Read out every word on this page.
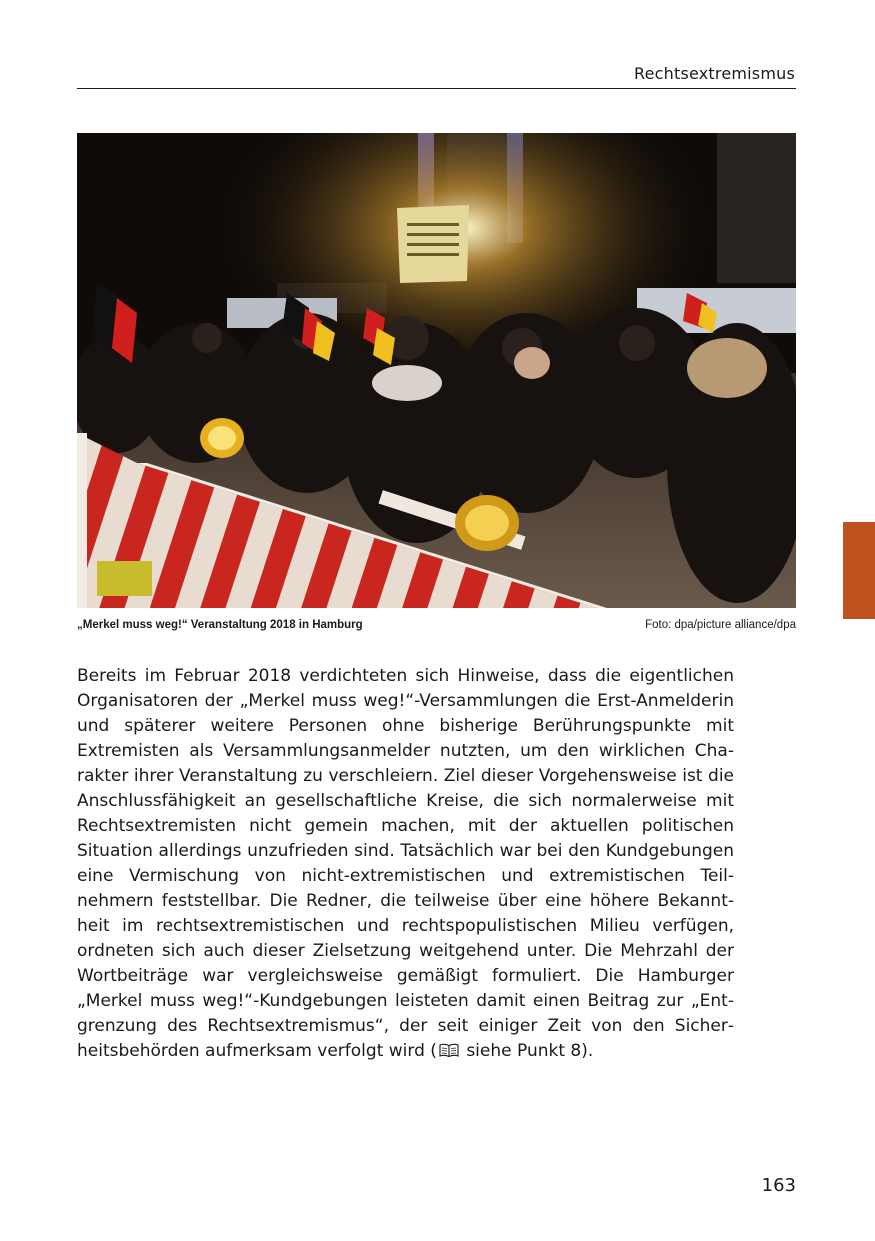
Rechtsextremismus
„Merkel muss weg!“ Veranstaltung 2018 in Hamburg	Foto: dpa/picture alliance/dpa

Bereits im Februar 2018 verdichteten sich Hinweise, dass die eigentlichen Organisatoren der „Merkel muss weg!“-Versammlungen die Erst-Anmelderin und späterer weitere Personen ohne bisherige Berührungspunkte mit Extremisten als Versammlungsanmelder nutzten, um den wirklichen Charakter ihrer Veranstaltung zu verschleiern. Ziel dieser Vorgehensweise ist die Anschlussfähigkeit an gesellschaftliche Kreise, die sich normalerweise mit Rechtsextremisten nicht gemein machen, mit der aktuellen politischen Situation allerdings unzufrieden sind. Tatsächlich war bei den Kundgebungen eine Vermischung von nicht-extremistischen und extremistischen Teilnehmern feststellbar. Die Redner, die teilweise über eine höhere Bekanntheit im rechtsextremistischen und rechtspopulistischen Milieu verfügen, ordneten sich auch dieser Zielsetzung weitgehend unter. Die Mehrzahl der Wortbeiträge war vergleichsweise gemäßigt formuliert. Die Hamburger „Merkel muss weg!“-Kundgebungen leisteten damit einen Beitrag zur „Entgrenzung des Rechtsextremismus“, der seit einiger Zeit von den Sicherheitsbehörden aufmerksam verfolgt wird ( siehe Punkt 8).

163
